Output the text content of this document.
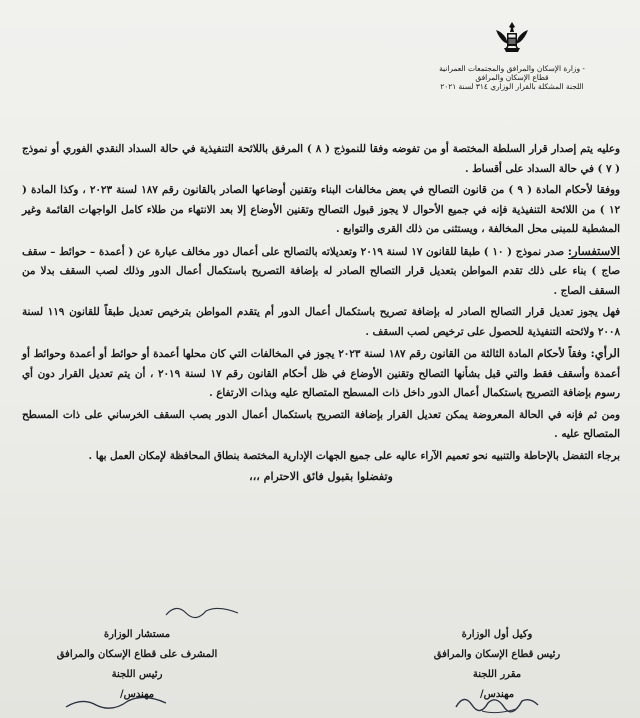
- وزارة الإسكان والمرافق والمجتمعات العمرانية
قطاع الإسكان والمرافق
اللجنة المشكلة بالقرار الوزاري ٣١٤ لسنة ٢٠٢١

وعليه يتم إصدار قرار السلطة المختصة أو من تفوضه وفقا للنموذج ( ٨ ) المرفق باللائحة التنفيذية في حالة السداد النقدي الفوري أو نموذج ( ٧ ) في حالة السداد على أقساط .

ووفقا لأحكام المادة ( ٩ ) من قانون التصالح في بعض مخالفات البناء وتقنين أوضاعها الصادر بالقانون رقم ١٨٧ لسنة ٢٠٢٣ ، وكذا المادة ( ١٢ ) من اللائحة التنفيذية فإنه في جميع الأحوال لا يجوز قبول التصالح وتقنين الأوضاع إلا بعد الانتهاء من طلاء كامل الواجهات القائمة وغير المشطبة للمبنى محل المخالفة ، ويستثنى من ذلك القرى والتوابع .

الاستفسار: صدر نموذج ( ١٠ ) طبقا للقانون ١٧ لسنة ٢٠١٩ وتعديلاته بالتصالح على أعمال دور مخالف عبارة عن ( أعمدة – حوائط – سقف صاج ) بناء على ذلك تقدم المواطن بتعديل قرار التصالح الصادر له بإضافة التصريح باستكمال أعمال الدور وذلك لصب السقف بدلا من السقف الصاج .

فهل يجوز تعديل قرار التصالح الصادر له بإضافة تصريح باستكمال أعمال الدور أم يتقدم المواطن بترخيص تعديل طبقاً للقانون ١١٩ لسنة ٢٠٠٨ ولائحته التنفيذية للحصول على ترخيص لصب السقف .

الرأي: وفقاً لأحكام المادة الثالثة من القانون رقم ١٨٧ لسنة ٢٠٢٣ يجوز في المخالفات التي كان محلها أعمدة أو حوائط أو أعمدة وحوائط أو أعمدة وأسقف فقط والتي قبل بشأنها التصالح وتقنين الأوضاع في ظل أحكام القانون رقم ١٧ لسنة ٢٠١٩ ، أن يتم تعديل القرار دون أي رسوم بإضافة التصريح باستكمال أعمال الدور داخل ذات المسطح المتصالح عليه وبذات الارتفاع .

ومن ثم فإنه في الحالة المعروضة يمكن تعديل القرار بإضافة التصريح باستكمال أعمال الدور بصب السقف الخرساني على ذات المسطح المتصالح عليه .

برجاء التفضل بالإحاطة والتنبيه نحو تعميم الآراء عاليه على جميع الجهات الإدارية المختصة بنطاق المحافظة لإمكان العمل بها .

وتفضلوا بقبول فائق الاحترام ،،،
وكيل أول الوزارة
رئيس قطاع الإسكان والمرافق
مقرر اللجنة
مهندس/
مستشار الوزارة
المشرف على قطاع الإسكان والمرافق
رئيس اللجنة
مهندس/
